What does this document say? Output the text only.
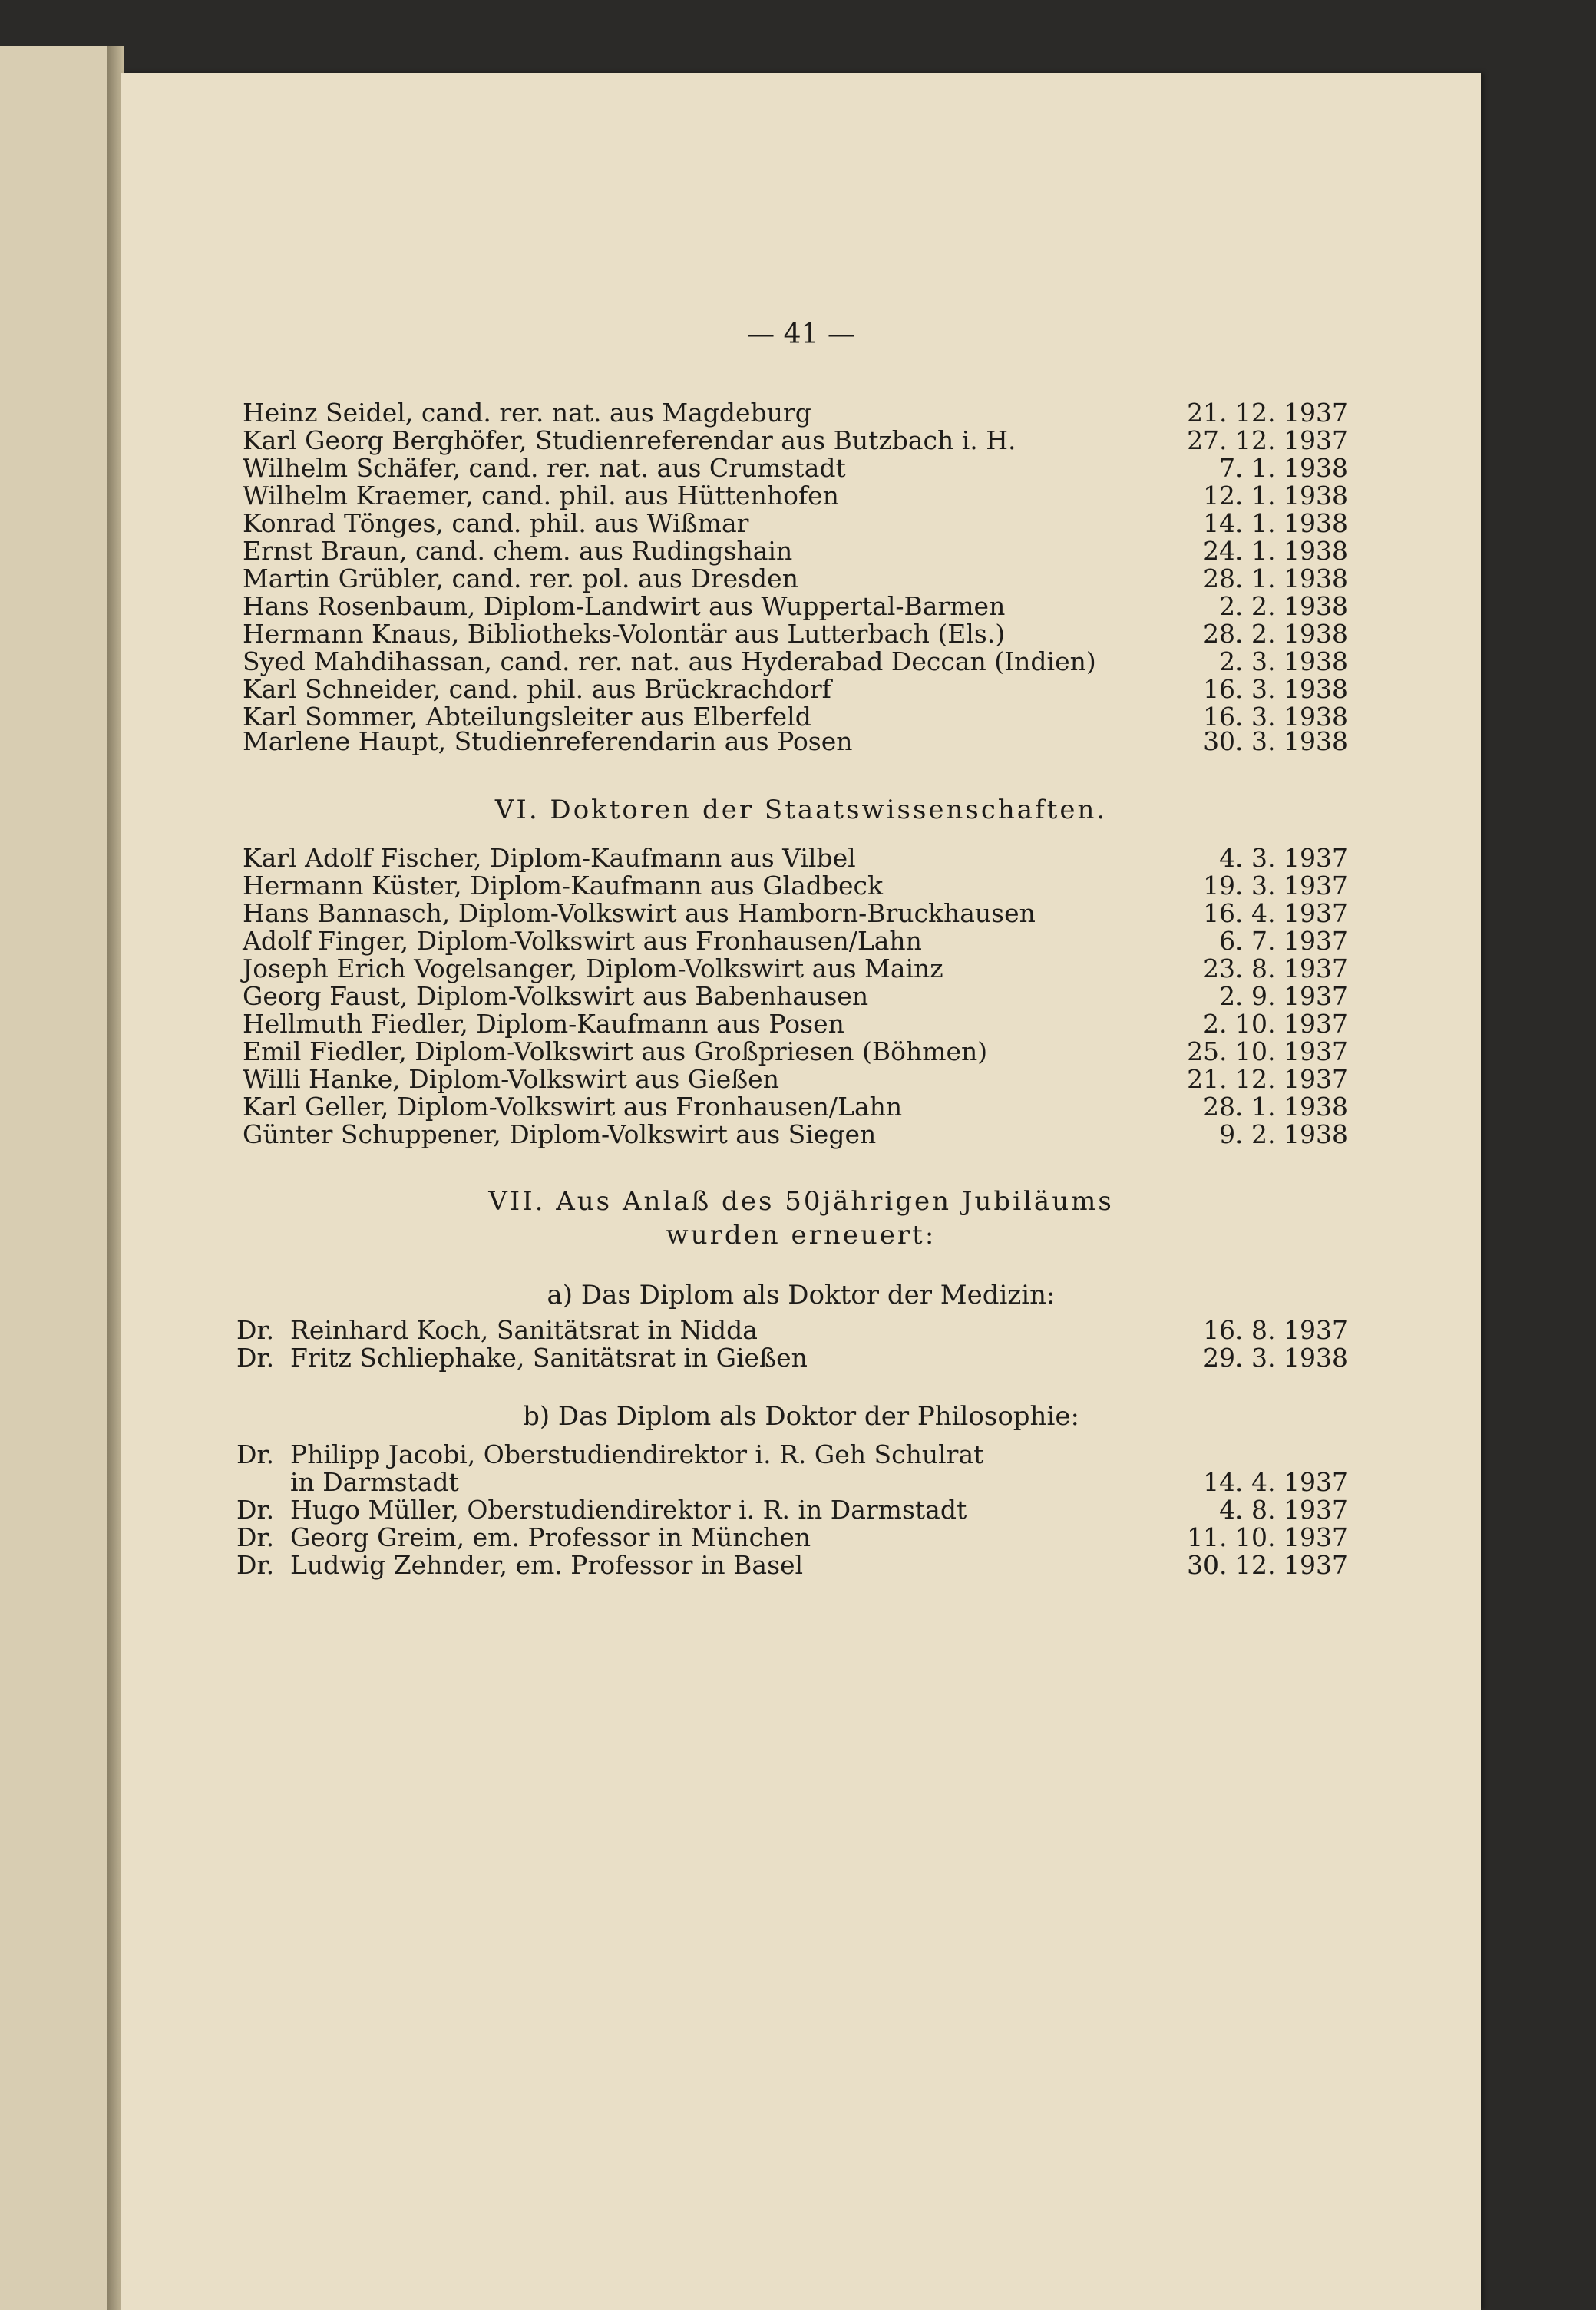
— 41 —
Heinz Seidel, cand. rer. nat. aus Magdeburg	21. 12. 1937
Karl Georg Berghöfer, Studienreferendar aus Butzbach i. H.	27. 12. 1937
Wilhelm Schäfer, cand. rer. nat. aus Crumstadt	7. 1. 1938
Wilhelm Kraemer, cand. phil. aus Hüttenhofen	12. 1. 1938
Konrad Tönges, cand. phil. aus Wißmar	14. 1. 1938
Ernst Braun, cand. chem. aus Rudingshain	24. 1. 1938
Martin Grübler, cand. rer. pol. aus Dresden	28. 1. 1938
Hans Rosenbaum, Diplom-Landwirt aus Wuppertal-Barmen	2. 2. 1938
Hermann Knaus, Bibliotheks-Volontär aus Lutterbach (Els.)	28. 2. 1938
Syed Mahdihassan, cand. rer. nat. aus Hyderabad Deccan (Indien)	2. 3. 1938
Karl Schneider, cand. phil. aus Brückrachdorf	16. 3. 1938
Karl Sommer, Abteilungsleiter aus Elberfeld	16. 3. 1938
Marlene Haupt, Studienreferendarin aus Posen	30. 3. 1938
VI. Doktoren der Staatswissenschaften.
Karl Adolf Fischer, Diplom-Kaufmann aus Vilbel	4. 3. 1937
Hermann Küster, Diplom-Kaufmann aus Gladbeck	19. 3. 1937
Hans Bannasch, Diplom-Volkswirt aus Hamborn-Bruckhausen	16. 4. 1937
Adolf Finger, Diplom-Volkswirt aus Fronhausen/Lahn	6. 7. 1937
Joseph Erich Vogelsanger, Diplom-Volkswirt aus Mainz	23. 8. 1937
Georg Faust, Diplom-Volkswirt aus Babenhausen	2. 9. 1937
Hellmuth Fiedler, Diplom-Kaufmann aus Posen	2. 10. 1937
Emil Fiedler, Diplom-Volkswirt aus Großpriesen (Böhmen)	25. 10. 1937
Willi Hanke, Diplom-Volkswirt aus Gießen	21. 12. 1937
Karl Geller, Diplom-Volkswirt aus Fronhausen/Lahn	28. 1. 1938
Günter Schuppener, Diplom-Volkswirt aus Siegen	9. 2. 1938
VII. Aus Anlaß des 50jährigen Jubiläums
wurden erneuert:
a) Das Diplom als Doktor der Medizin:
Dr. Reinhard Koch, Sanitätsrat in Nidda	16. 8. 1937
Dr. Fritz Schliephake, Sanitätsrat in Gießen	29. 3. 1938
b) Das Diplom als Doktor der Philosophie:
Dr. Philipp Jacobi, Oberstudiendirektor i. R. Geh Schulrat
in Darmstadt	14. 4. 1937
Dr. Hugo Müller, Oberstudiendirektor i. R. in Darmstadt	4. 8. 1937
Dr. Georg Greim, em. Professor in München	11. 10. 1937
Dr. Ludwig Zehnder, em. Professor in Basel	30. 12. 1937
